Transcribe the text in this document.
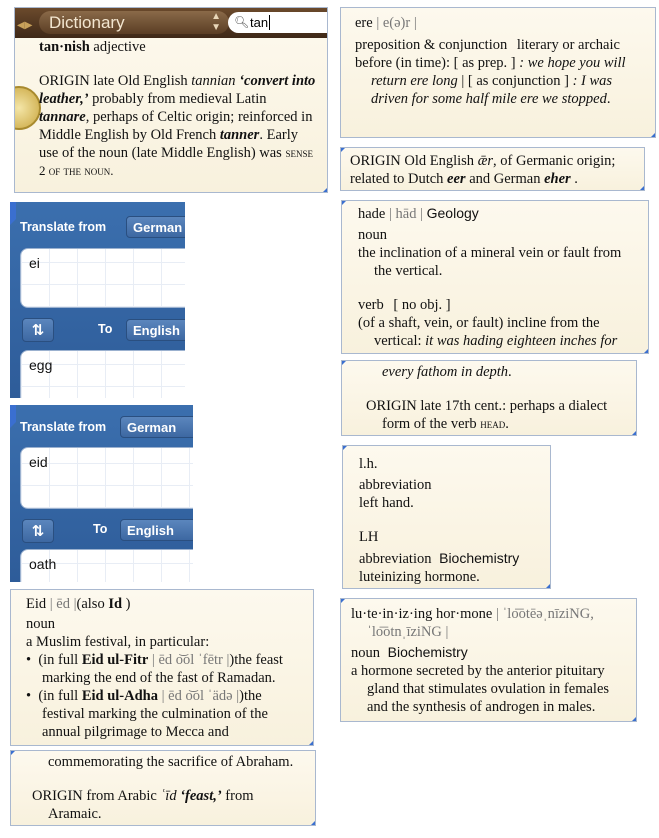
◀▶ Dictionary	▲
▼ 🔍︎ tan

tan·nish adjective

ORIGIN late Old English tannian ‘convert into leather,’ probably from medieval Latin tannare, perhaps of Celtic origin; reinforced in Middle English by Old French tanner. Early use of the noun (late Middle English) was sense 2 of the noun.

ere | e(ə)r |

preposition & conjunction literary or archaic

before (in time): [ as prep. ] : we hope you will return ere long | [ as conjunction ] : I was driven for some half mile ere we stopped.

ORIGIN Old English ǣr, of Germanic origin; related to Dutch eer and German eher .

Translate from	German
ei
⇅	To	English
egg
Translate from	German
eid
⇅	To	English
oath

hade | hād | Geology

noun

the inclination of a mineral vein or fault from the vertical.

verb [ no obj. ]

(of a shaft, vein, or fault) incline from the vertical: it was hading eighteen inches for

every fathom in depth.

ORIGIN late 17th cent.: perhaps a dialect form of the verb head.

l.h.

abbreviation

left hand.

LH

abbreviation Biochemistry

luteinizing hormone.

Eid | ēd |(also Id )

noun

a Muslim festival, in particular:

•  (in full Eid ul-Fitr | ēd o͝ol ˈfētr |)the feast marking the end of the fast of Ramadan.

•  (in full Eid ul-Adha | ēd o͝ol ˈädə |)the festival marking the culmination of the annual pilgrimage to Mecca and

commemorating the sacrifice of Abraham.

ORIGIN from Arabic ʿīd ‘feast,’ from Aramaic.

lu·te·in·iz·ing hor·mone | ˈlo͞otēəˌnīziNG, ˈlo͞otnˌīziNG |

noun Biochemistry

a hormone secreted by the anterior pituitary gland that stimulates ovulation in females and the synthesis of androgen in males.
